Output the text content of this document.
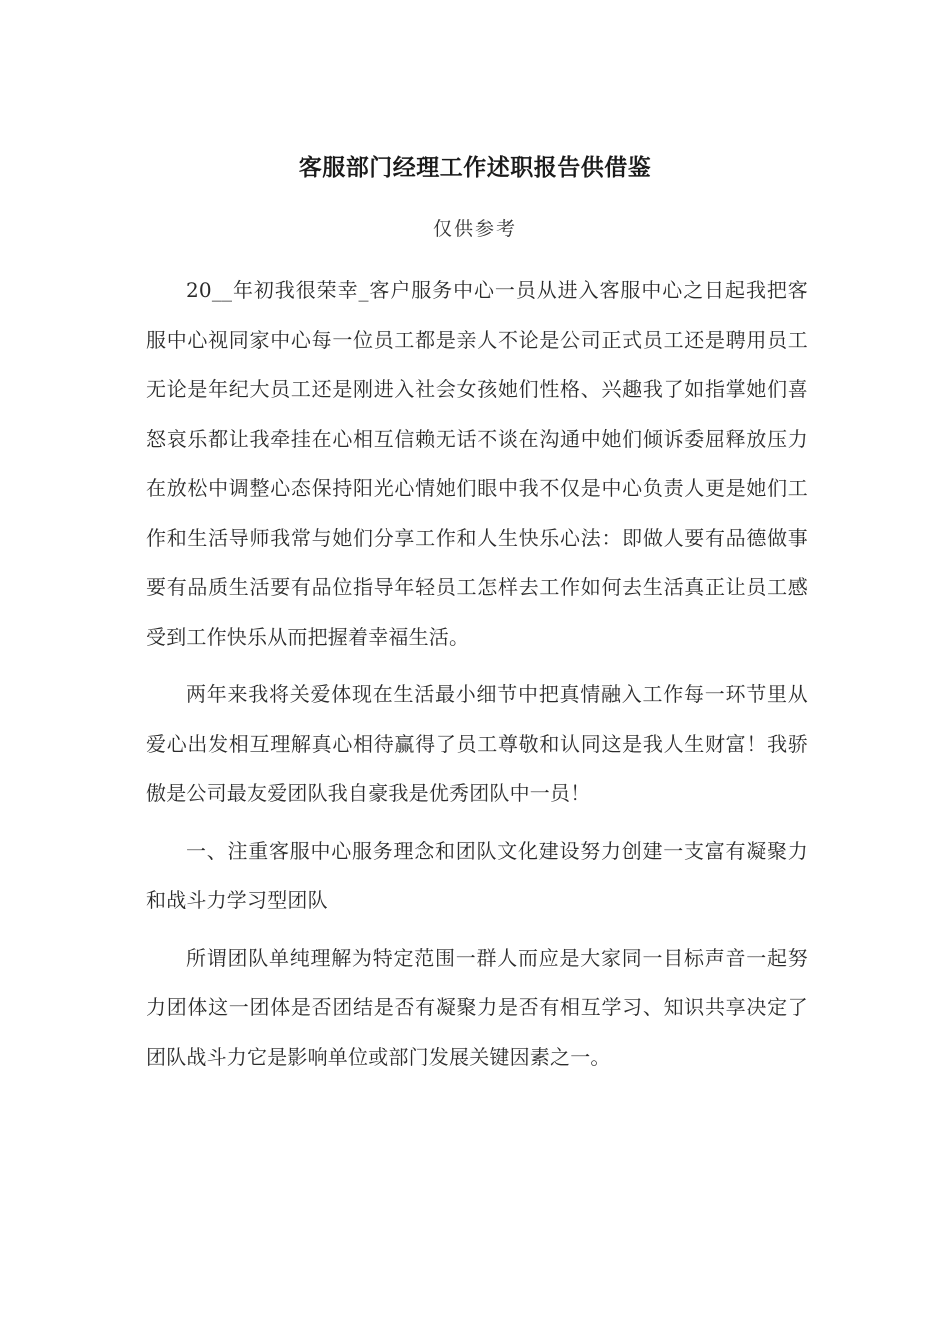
客服部门经理工作述职报告供借鉴
仅供参考

20__年初我很荣幸_客户服务中心一员从进入客服中心之日起我把客服中心视同家中心每一位员工都是亲人不论是公司正式员工还是聘用员工无论是年纪大员工还是刚进入社会女孩她们性格、兴趣我了如指掌她们喜怒哀乐都让我牵挂在心相互信赖无话不谈在沟通中她们倾诉委屈释放压力在放松中调整心态保持阳光心情她们眼中我不仅是中心负责人更是她们工作和生活导师我常与她们分享工作和人生快乐心法：即做人要有品德做事要有品质生活要有品位指导年轻员工怎样去工作如何去生活真正让员工感受到工作快乐从而把握着幸福生活。

两年来我将关爱体现在生活最小细节中把真情融入工作每一环节里从爱心出发相互理解真心相待赢得了员工尊敬和认同这是我人生财富！我骄傲是公司最友爱团队我自豪我是优秀团队中一员！

一、注重客服中心服务理念和团队文化建设努力创建一支富有凝聚力和战斗力学习型团队

所谓团队单纯理解为特定范围一群人而应是大家同一目标声音一起努力团体这一团体是否团结是否有凝聚力是否有相互学习、知识共享决定了团队战斗力它是影响单位或部门发展关键因素之一。
